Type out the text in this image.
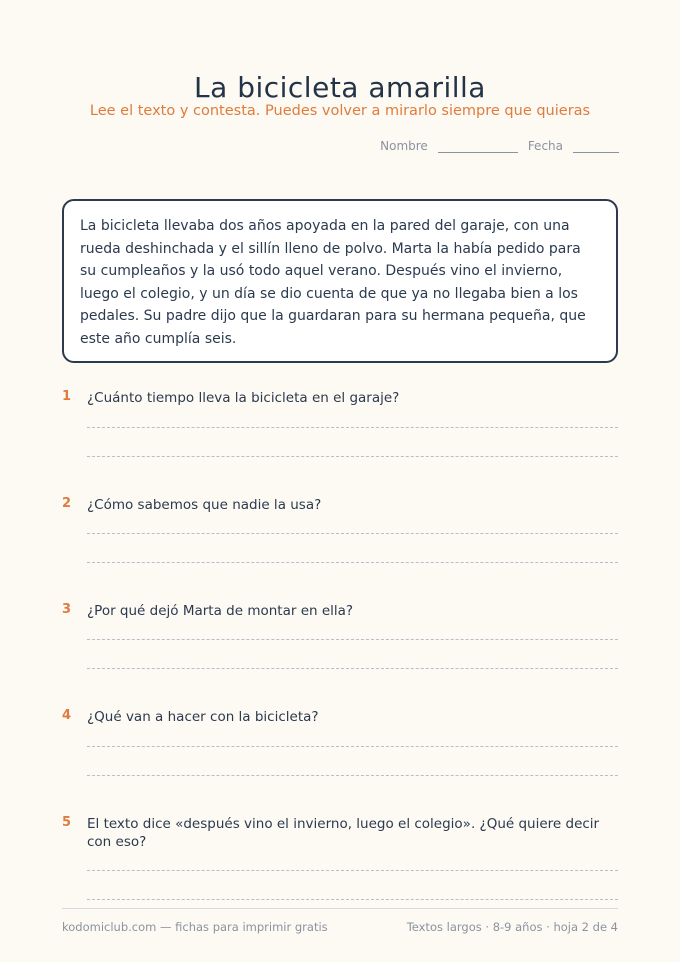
La bicicleta amarilla
Lee el texto y contesta. Puedes volver a mirarlo siempre que quieras
Nombre	Fecha
La bicicleta llevaba dos años apoyada en la pared del garaje, con una rueda deshinchada y el sillín lleno de polvo. Marta la había pedido para su cumpleaños y la usó todo aquel verano. Después vino el invierno, luego el colegio, y un día se dio cuenta de que ya no llegaba bien a los pedales. Su padre dijo que la guardaran para su hermana pequeña, que este año cumplía seis.
1 ¿Cuánto tiempo lleva la bicicleta en el garaje?
2 ¿Cómo sabemos que nadie la usa?
3 ¿Por qué dejó Marta de montar en ella?
4 ¿Qué van a hacer con la bicicleta?
5 El texto dice «después vino el invierno, luego el colegio». ¿Qué quiere decir con eso?
kodomiclub.com — fichas para imprimir gratis	Textos largos · 8-9 años · hoja 2 de 4
